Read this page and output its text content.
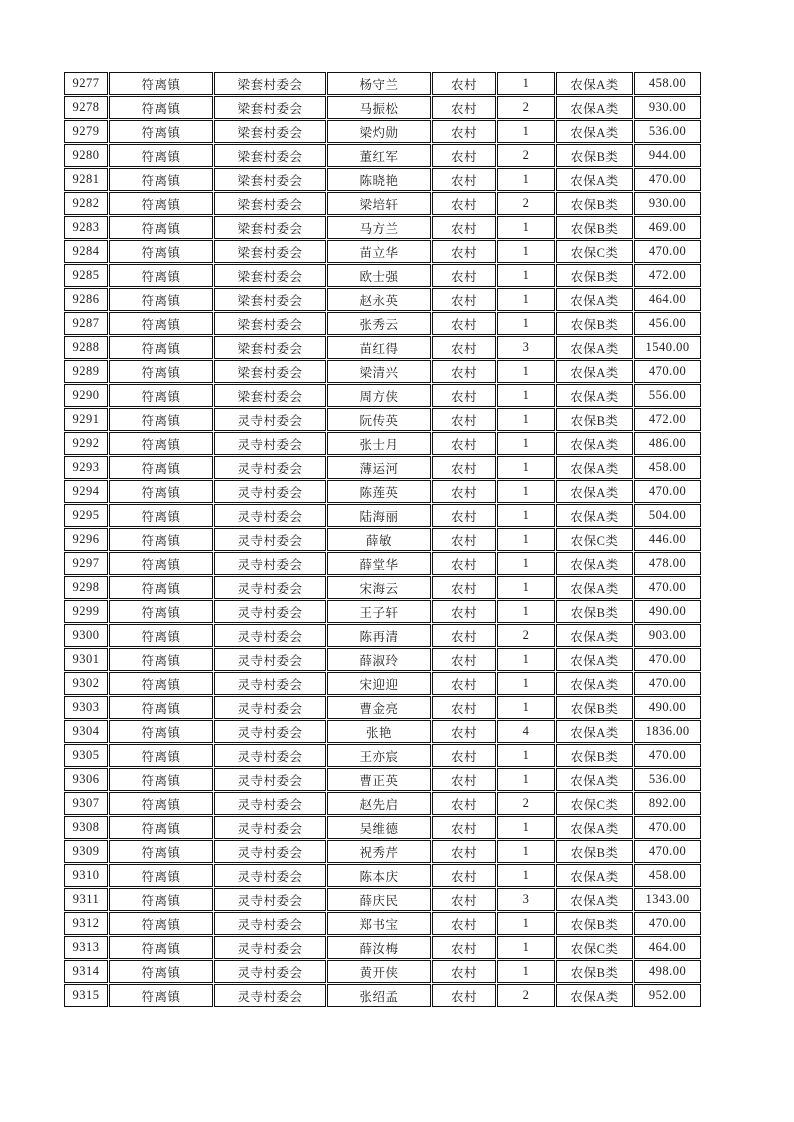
9277	符离镇	梁套村委会	杨守兰	农村	1	农保A类	458.00
9278	符离镇	梁套村委会	马振松	农村	2	农保A类	930.00
9279	符离镇	梁套村委会	梁灼勋	农村	1	农保A类	536.00
9280	符离镇	梁套村委会	董红军	农村	2	农保B类	944.00
9281	符离镇	梁套村委会	陈晓艳	农村	1	农保A类	470.00
9282	符离镇	梁套村委会	梁培轩	农村	2	农保B类	930.00
9283	符离镇	梁套村委会	马方兰	农村	1	农保B类	469.00
9284	符离镇	梁套村委会	苗立华	农村	1	农保C类	470.00
9285	符离镇	梁套村委会	欧士强	农村	1	农保B类	472.00
9286	符离镇	梁套村委会	赵永英	农村	1	农保A类	464.00
9287	符离镇	梁套村委会	张秀云	农村	1	农保B类	456.00
9288	符离镇	梁套村委会	苗红得	农村	3	农保A类	1540.00
9289	符离镇	梁套村委会	梁清兴	农村	1	农保A类	470.00
9290	符离镇	梁套村委会	周方侠	农村	1	农保A类	556.00
9291	符离镇	灵寺村委会	阮传英	农村	1	农保B类	472.00
9292	符离镇	灵寺村委会	张士月	农村	1	农保A类	486.00
9293	符离镇	灵寺村委会	薄运河	农村	1	农保A类	458.00
9294	符离镇	灵寺村委会	陈莲英	农村	1	农保A类	470.00
9295	符离镇	灵寺村委会	陆海丽	农村	1	农保A类	504.00
9296	符离镇	灵寺村委会	薛敏	农村	1	农保C类	446.00
9297	符离镇	灵寺村委会	薛堂华	农村	1	农保A类	478.00
9298	符离镇	灵寺村委会	宋海云	农村	1	农保A类	470.00
9299	符离镇	灵寺村委会	王子轩	农村	1	农保B类	490.00
9300	符离镇	灵寺村委会	陈再清	农村	2	农保A类	903.00
9301	符离镇	灵寺村委会	薛淑玲	农村	1	农保A类	470.00
9302	符离镇	灵寺村委会	宋迎迎	农村	1	农保A类	470.00
9303	符离镇	灵寺村委会	曹金亮	农村	1	农保B类	490.00
9304	符离镇	灵寺村委会	张艳	农村	4	农保A类	1836.00
9305	符离镇	灵寺村委会	王亦宸	农村	1	农保B类	470.00
9306	符离镇	灵寺村委会	曹正英	农村	1	农保A类	536.00
9307	符离镇	灵寺村委会	赵先启	农村	2	农保C类	892.00
9308	符离镇	灵寺村委会	吴维德	农村	1	农保A类	470.00
9309	符离镇	灵寺村委会	祝秀芹	农村	1	农保B类	470.00
9310	符离镇	灵寺村委会	陈本庆	农村	1	农保A类	458.00
9311	符离镇	灵寺村委会	薛庆民	农村	3	农保A类	1343.00
9312	符离镇	灵寺村委会	郑书宝	农村	1	农保B类	470.00
9313	符离镇	灵寺村委会	薛汝梅	农村	1	农保C类	464.00
9314	符离镇	灵寺村委会	黄开侠	农村	1	农保B类	498.00
9315	符离镇	灵寺村委会	张绍孟	农村	2	农保A类	952.00
